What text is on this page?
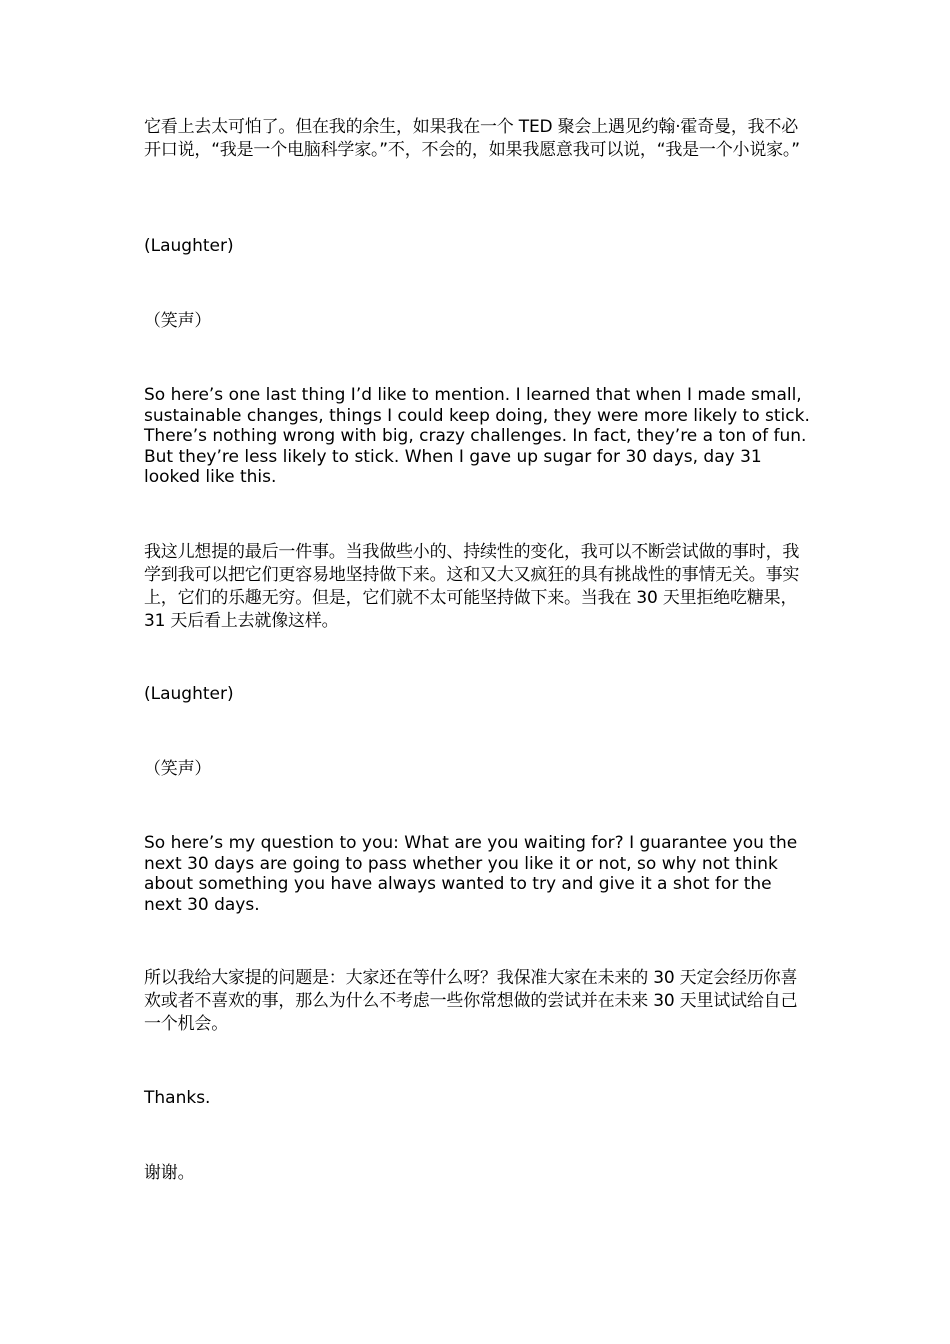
它看上去太可怕了。但在我的余生，如果我在一个 TED 聚会上遇见约翰·霍奇曼，我不必开口说，“我是一个电脑科学家。”不，不会的，如果我愿意我可以说，“我是一个小说家。”

(Laughter)

（笑声）

So here’s one last thing I’d like to mention. I learned that when I made small, sustainable changes, things I could keep doing, they were more likely to stick. There’s nothing wrong with big, crazy challenges. In fact, they’re a ton of fun. But they’re less likely to stick. When I gave up sugar for 30 days, day 31 looked like this.

我这儿想提的最后一件事。当我做些小的、持续性的变化，我可以不断尝试做的事时，我学到我可以把它们更容易地坚持做下来。这和又大又疯狂的具有挑战性的事情无关。事实上，它们的乐趣无穷。但是，它们就不太可能坚持做下来。当我在 30 天里拒绝吃糖果，31 天后看上去就像这样。

(Laughter)

（笑声）

So here’s my question to you: What are you waiting for? I guarantee you the next 30 days are going to pass whether you like it or not, so why not think about something you have always wanted to try and give it a shot for the next 30 days.

所以我给大家提的问题是：大家还在等什么呀？我保准大家在未来的 30 天定会经历你喜欢或者不喜欢的事，那么为什么不考虑一些你常想做的尝试并在未来 30 天里试试给自己一个机会。

Thanks.

谢谢。
